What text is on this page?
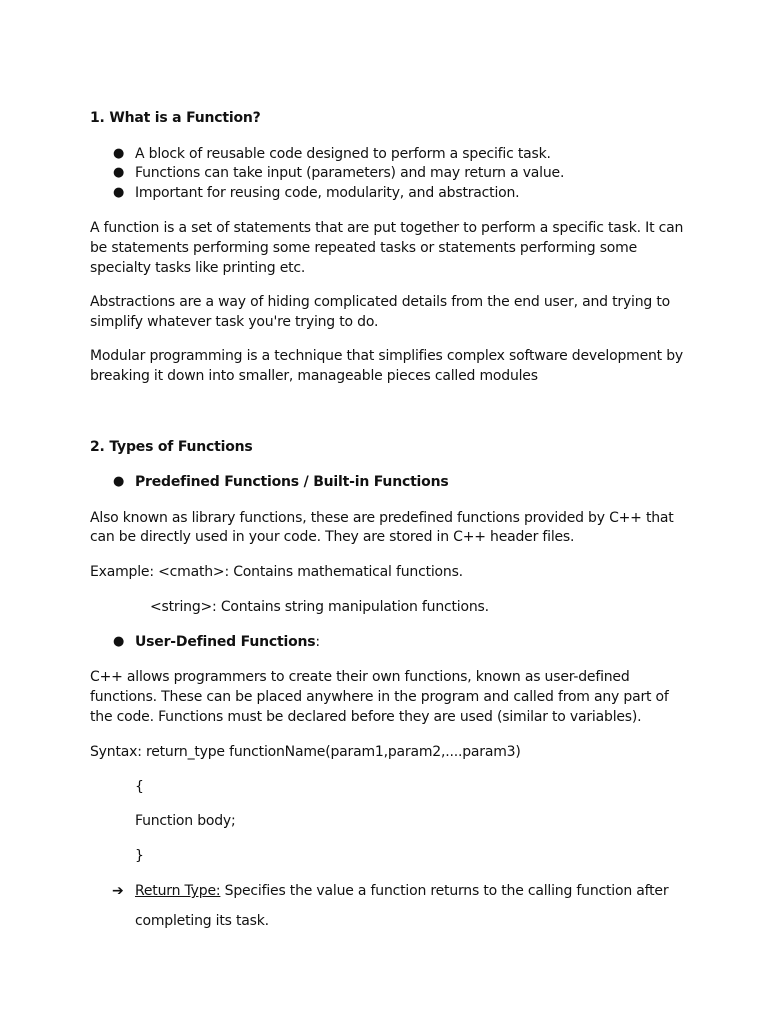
1. What is a Function?
● A block of reusable code designed to perform a specific task.
● Functions can take input (parameters) and may return a value.
● Important for reusing code, modularity, and abstraction.
A function is a set of statements that are put together to perform a specific task. It can
be statements performing some repeated tasks or statements performing some
specialty tasks like printing etc.
Abstractions are a way of hiding complicated details from the end user, and trying to
simplify whatever task you're trying to do.
Modular programming is a technique that simplifies complex software development by
breaking it down into smaller, manageable pieces called modules
2. Types of Functions
● Predefined Functions / Built-in Functions
Also known as library functions, these are predefined functions provided by C++ that
can be directly used in your code. They are stored in C++ header files.
Example: <cmath>: Contains mathematical functions.
<string>: Contains string manipulation functions.
● User-Defined Functions:
C++ allows programmers to create their own functions, known as user-defined
functions. These can be placed anywhere in the program and called from any part of
the code. Functions must be declared before they are used (similar to variables).
Syntax: return_type functionName(param1,param2,....param3)
{
Function body;
}
➔ Return Type: Specifies the value a function returns to the calling function after
completing its task.
